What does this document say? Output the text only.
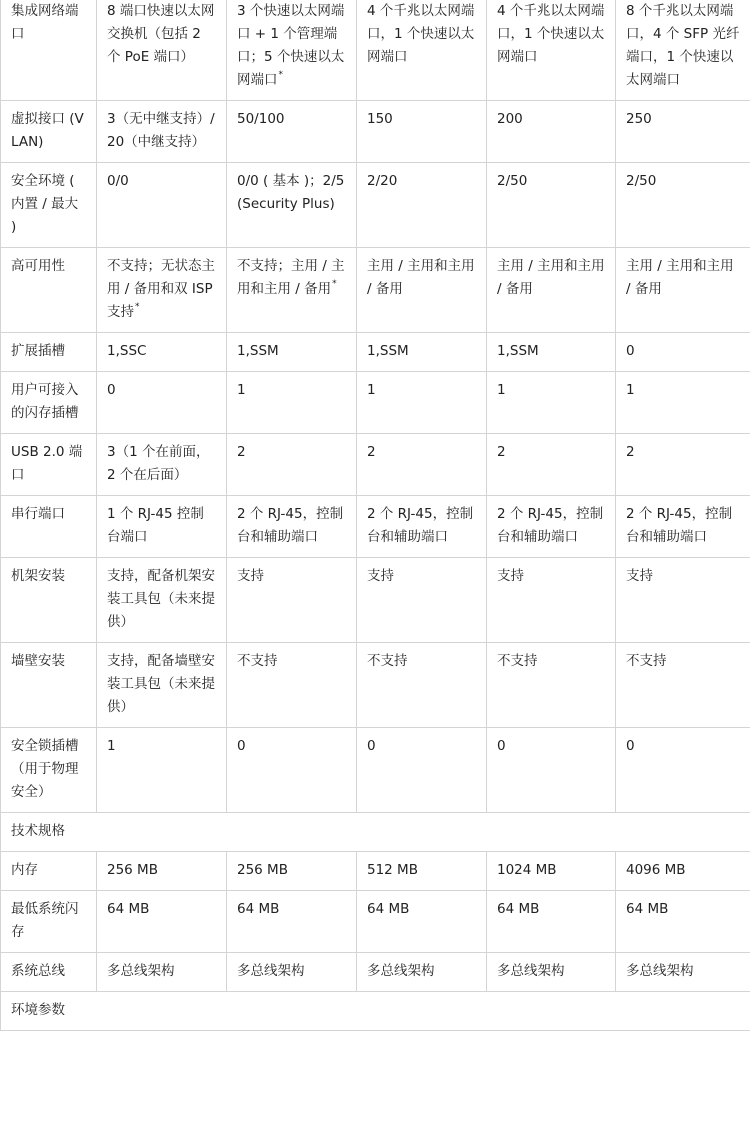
集成网络端口	8 端口快速以太网交换机（包括 2 个 PoE 端口）	3 个快速以太网端口 + 1 个管理端口；5 个快速以太网端口*	4 个千兆以太网端口，1 个快速以太网端口	4 个千兆以太网端口，1 个快速以太网端口	8 个千兆以太网端口，4 个 SFP 光纤端口，1 个快速以太网端口
虚拟接口 (VLAN)	3（无中继支持）/ 20（中继支持）	50/100	150	200	250
安全环境 ( 内置 / 最大 )	0/0	0/0 ( 基本 )；2/5 (Security Plus)	2/20	2/50	2/50
高可用性	不支持；无状态主用 / 备用和双 ISP 支持*	不支持；主用 / 主用和主用 / 备用*	主用 / 主用和主用 / 备用	主用 / 主用和主用 / 备用	主用 / 主用和主用 / 备用
扩展插槽	1,SSC	1,SSM	1,SSM	1,SSM	0
用户可接入的闪存插槽	0	1	1	1	1
USB 2.0 端口	3（1 个在前面，2 个在后面）	2	2	2	2
串行端口	1 个 RJ-45 控制台端口	2 个 RJ-45，控制台和辅助端口	2 个 RJ-45，控制台和辅助端口	2 个 RJ-45，控制台和辅助端口	2 个 RJ-45，控制台和辅助端口
机架安装	支持，配备机架安装工具包（未来提供）	支持	支持	支持	支持
墙壁安装	支持，配备墙壁安装工具包（未来提供）	不支持	不支持	不支持	不支持
安全锁插槽（用于物理安全）	1	0	0	0	0
技术规格					
内存	256 MB	256 MB	512 MB	1024 MB	4096 MB
最低系统闪存	64 MB	64 MB	64 MB	64 MB	64 MB
系统总线	多总线架构	多总线架构	多总线架构	多总线架构	多总线架构
环境参数					
